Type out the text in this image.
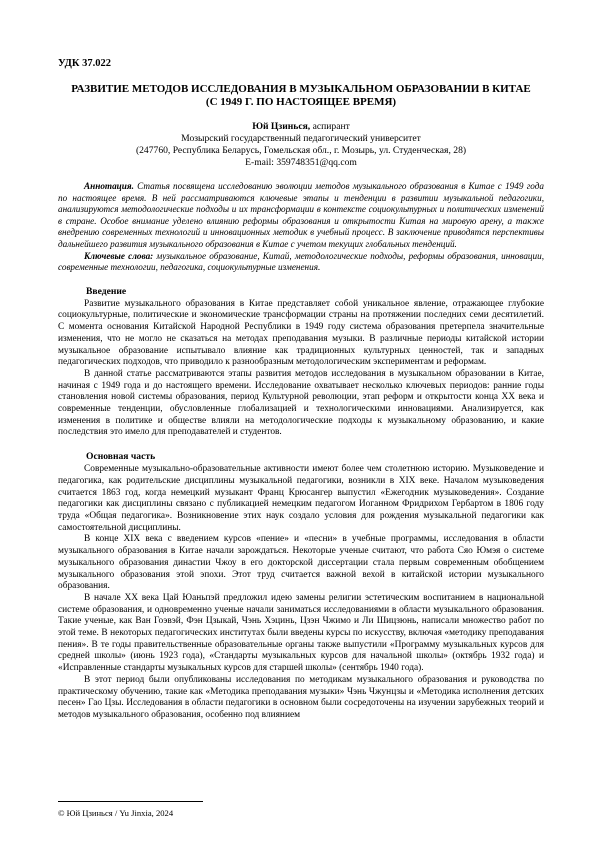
УДК 37.022
РАЗВИТИЕ МЕТОДОВ ИССЛЕДОВАНИЯ В МУЗЫКАЛЬНОМ ОБРАЗОВАНИИ В КИТАЕ
(С 1949 Г. ПО НАСТОЯЩЕЕ ВРЕМЯ)
Юй Цзинься, аспирант
Мозырский государственный педагогический университет
(247760, Республика Беларусь, Гомельская обл., г. Мозырь, ул. Студенческая, 28)
E-mail: 359748351@qq.com

Аннотация. Статья посвящена исследованию эволюции методов музыкального образования в Китае с 1949 года по настоящее время. В ней рассматриваются ключевые этапы и тенденции в развитии музыкальной педагогики, анализируются методологические подходы и их трансформации в контексте социокультурных и политических изменений в стране. Особое внимание уделено влиянию реформы образования и открытости Китая на мировую арену, а также внедрению современных технологий и инновационных методик в учебный процесс. В заключение приводятся перспективы дальнейшего развития музыкального образования в Китае с учетом текущих глобальных тенденций.

Ключевые слова: музыкальное образование, Китай, методологические подходы, реформы образования, инновации, современные технологии, педагогика, социокультурные изменения.

Введение

Развитие музыкального образования в Китае представляет собой уникальное явление, отражающее глубокие социокультурные, политические и экономические трансформации страны на протяжении последних семи десятилетий. С момента основания Китайской Народной Республики в 1949 году система образования претерпела значительные изменения, что не могло не сказаться на методах преподавания музыки. В различные периоды китайской истории музыкальное образование испытывало влияние как традиционных культурных ценностей, так и западных педагогических подходов, что приводило к разнообразным методологическим экспериментам и реформам.

В данной статье рассматриваются этапы развития методов исследования в музыкальном образовании в Китае, начиная с 1949 года и до настоящего времени. Исследование охватывает несколько ключевых периодов: ранние годы становления новой системы образования, период Культурной революции, этап реформ и открытости конца XX века и современные тенденции, обусловленные глобализацией и технологическими инновациями. Анализируется, как изменения в политике и обществе влияли на методологические подходы к музыкальному образованию, и какие последствия это имело для преподавателей и студентов.

Основная часть

Современные музыкально-образовательные активности имеют более чем столетнюю историю. Музыковедение и педагогика, как родительские дисциплины музыкальной педагогики, возникли в XIX веке. Началом музыковедения считается 1863 год, когда немецкий музыкант Франц Крюсангер выпустил «Ежегодник музыковедения». Создание педагогики как дисциплины связано с публикацией немецким педагогом Иоганном Фридрихом Гербартом в 1806 году труда «Общая педагогика». Возникновение этих наук создало условия для рождения музыкальной педагогики как самостоятельной дисциплины.

В конце XIX века с введением курсов «пение» и «песни» в учебные программы, исследования в области музыкального образования в Китае начали зарождаться. Некоторые ученые считают, что работа Сяо Юмэя о системе музыкального образования династии Чжоу в его докторской диссертации стала первым современным обобщением музыкального образования этой эпохи. Этот труд считается важной вехой в китайской истории музыкального образования.

В начале XX века Цай Юаньпэй предложил идею замены религии эстетическим воспитанием в национальной системе образования, и одновременно ученые начали заниматься исследованиями в области музыкального образования. Такие ученые, как Ван Гоэвэй, Фэн Цзыкай, Чэнь Хэцинь, Цзэн Чжимо и Ли Шицзюнь, написали множество работ по этой теме. В некоторых педагогических институтах были введены курсы по искусству, включая «методику преподавания пения». В те годы правительственные образовательные органы также выпустили «Программу музыкальных курсов для средней школы» (июнь 1923 года), «Стандарты музыкальных курсов для начальной школы» (октябрь 1932 года) и «Исправленные стандарты музыкальных курсов для старшей школы» (сентябрь 1940 года).

В этот период были опубликованы исследования по методикам музыкального образования и руководства по практическому обучению, такие как «Методика преподавания музыки» Чэнь Чжунцзы и «Методика исполнения детских песен» Гао Цзы. Исследования в области педагогики в основном были сосредоточены на изучении зарубежных теорий и методов музыкального образования, особенно под влиянием

© Юй Цзинься / Yu Jinxia, 2024
